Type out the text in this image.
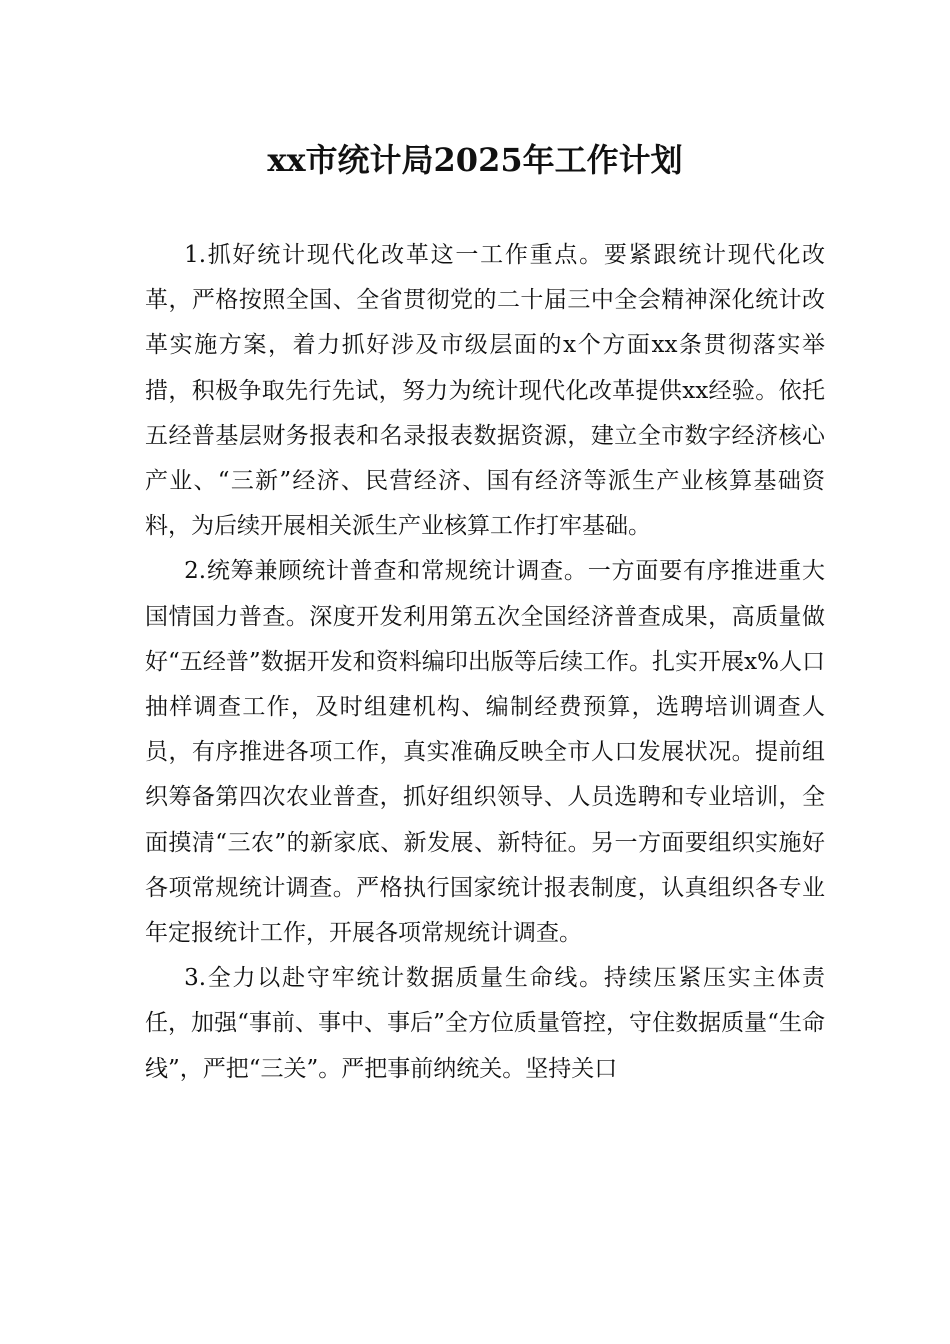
xx市统计局2025年工作计划

1.抓好统计现代化改革这一工作重点。要紧跟统计现代化改革，严格按照全国、全省贯彻党的二十届三中全会精神深化统计改革实施方案，着力抓好涉及市级层面的x个方面xx条贯彻落实举措，积极争取先行先试，努力为统计现代化改革提供xx经验。依托五经普基层财务报表和名录报表数据资源，建立全市数字经济核心产业、“三新”经济、民营经济、国有经济等派生产业核算基础资料，为后续开展相关派生产业核算工作打牢基础。

2.统筹兼顾统计普查和常规统计调查。一方面要有序推进重大国情国力普查。深度开发利用第五次全国经济普查成果，高质量做好“五经普”数据开发和资料编印出版等后续工作。扎实开展x%人口抽样调查工作，及时组建机构、编制经费预算，选聘培训调查人员，有序推进各项工作，真实准确反映全市人口发展状况。提前组织筹备第四次农业普查，抓好组织领导、人员选聘和专业培训，全面摸清“三农”的新家底、新发展、新特征。另一方面要组织实施好各项常规统计调查。严格执行国家统计报表制度，认真组织各专业年定报统计工作，开展各项常规统计调查。

3.全力以赴守牢统计数据质量生命线。持续压紧压实主体责任，加强“事前、事中、事后”全方位质量管控，守住数据质量“生命线”，严把“三关”。严把事前纳统关。坚持关口
